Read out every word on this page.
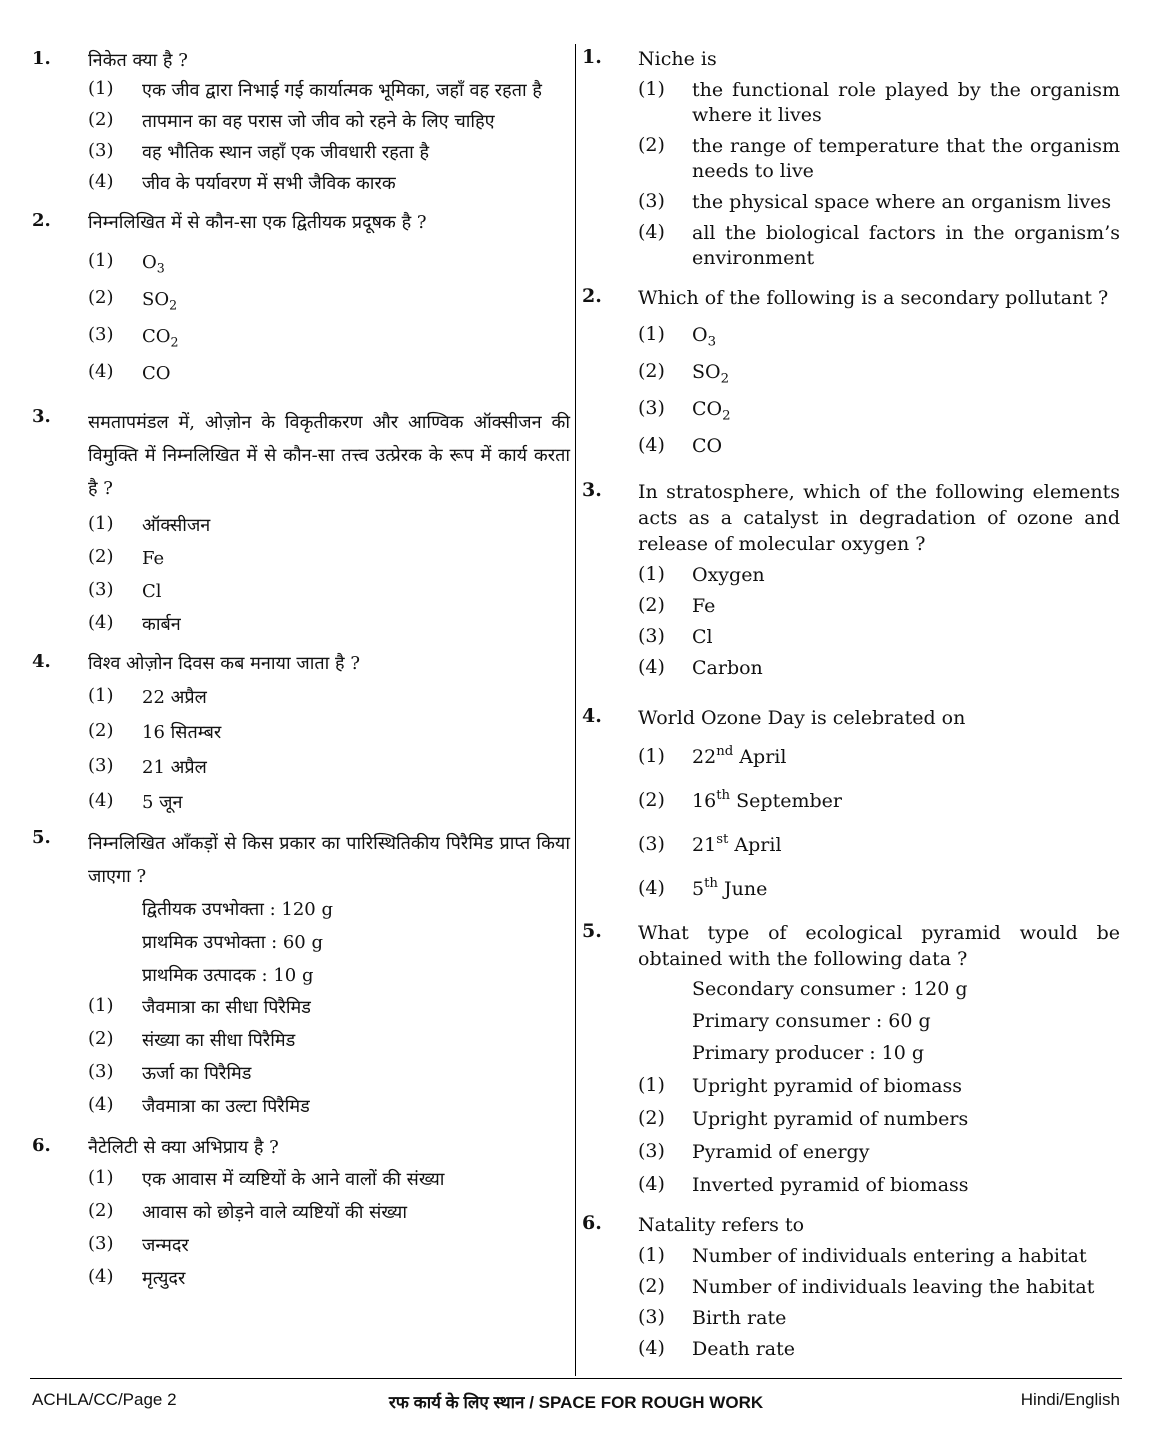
1. निकेत क्या है ?
(1) एक जीव द्वारा निभाई गई कार्यात्मक भूमिका, जहाँ वह रहता है
(2) तापमान का वह परास जो जीव को रहने के लिए चाहिए
(3) वह भौतिक स्थान जहाँ एक जीवधारी रहता है
(4) जीव के पर्यावरण में सभी जैविक कारक
2. निम्नलिखित में से कौन-सा एक द्वितीयक प्रदूषक है ?
(1) $O_3$
(2) $SO_2$
(3) $CO_2$
(4) CO
3. समतापमंडल में, ओज़ोन के विकृतीकरण और आण्विक ऑक्सीजन की विमुक्ति में निम्नलिखित में से कौन-सा तत्त्व उत्प्रेरक के रूप में कार्य करता है ?
(1) ऑक्सीजन
(2) Fe
(3) Cl
(4) कार्बन
4. विश्व ओज़ोन दिवस कब मनाया जाता है ?
(1) 22 अप्रैल
(2) 16 सितम्बर
(3) 21 अप्रैल
(4) 5 जून
5. निम्नलिखित आँकड़ों से किस प्रकार का पारिस्थितिकीय पिरैमिड प्राप्त किया जाएगा ?
द्वितीयक उपभोक्ता : 120 g
प्राथमिक उपभोक्ता : 60 g
प्राथमिक उत्पादक : 10 g
(1) जैवमात्रा का सीधा पिरैमिड
(2) संख्या का सीधा पिरैमिड
(3) ऊर्जा का पिरैमिड
(4) जैवमात्रा का उल्टा पिरैमिड
6. नैटेलिटी से क्या अभिप्राय है ?
(1) एक आवास में व्यष्टियों के आने वालों की संख्या
(2) आवास को छोड़ने वाले व्यष्टियों की संख्या
(3) जन्मदर
(4) मृत्युदर
1. Niche is
(1) the functional role played by the organism where it lives
(2) the range of temperature that the organism needs to live
(3) the physical space where an organism lives
(4) all the biological factors in the organism’s environment
2. Which of the following is a secondary pollutant ?
(1) $O_3$
(2) $SO_2$
(3) $CO_2$
(4) CO
3. In stratosphere, which of the following elements acts as a catalyst in degradation of ozone and release of molecular oxygen ?
(1) Oxygen
(2) Fe
(3) Cl
(4) Carbon
4. World Ozone Day is celebrated on
(1) 22nd April
(2) 16th September
(3) 21st April
(4) 5th June
5. What type of ecological pyramid would be obtained with the following data ?
Secondary consumer : 120 g
Primary consumer : 60 g
Primary producer : 10 g
(1) Upright pyramid of biomass
(2) Upright pyramid of numbers
(3) Pyramid of energy
(4) Inverted pyramid of biomass
6. Natality refers to
(1) Number of individuals entering a habitat
(2) Number of individuals leaving the habitat
(3) Birth rate
(4) Death rate
ACHLA/CC/Page 2	रफ कार्य के लिए स्थान / SPACE FOR ROUGH WORK	Hindi/English
